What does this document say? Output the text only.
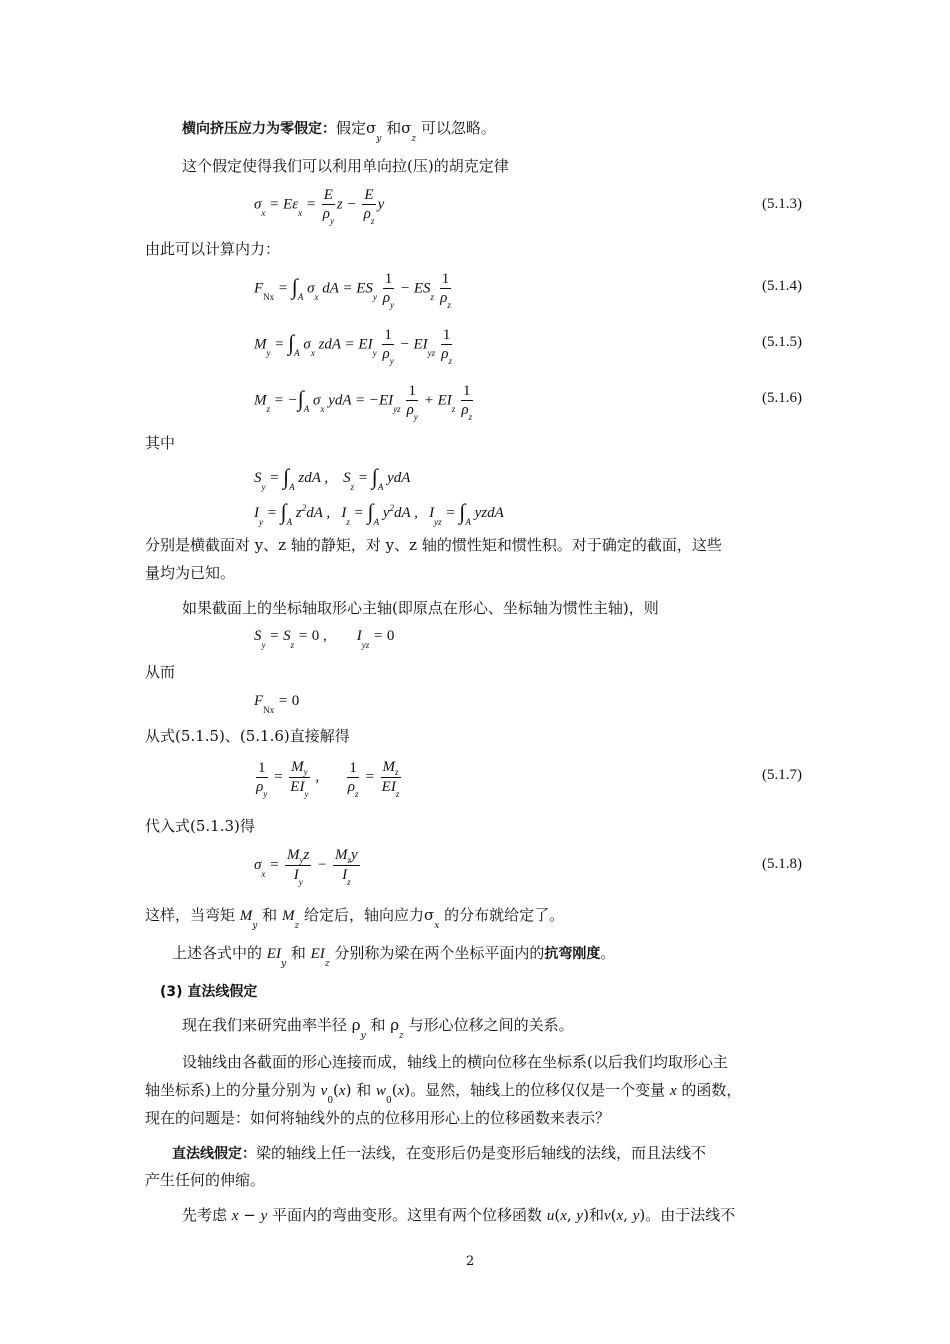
横向挤压应力为零假定：假定$\sigma_y$ 和$\sigma_z$ 可以忽略。
这个假定使得我们可以利用单向拉(压)的胡克定律
$\sigma_x = E\varepsilon_x = \frac{E}{\rho_y}$ $z - \frac{E}{\rho_z}$ y	(5.1.3)
由此可以计算内力：
$F_{Nx} = \int_A$ $\sigma_x$ dA = $ES_y \frac{1}{\rho_y} - ES_z \frac{1}{\rho_z}$	(5.1.4)
$M_y = \int_A$ $\sigma_x$ zdA = $EI_y \frac{1}{\rho_y} - EI_{yz} \frac{1}{\rho_z}$	(5.1.5)
$M_z = -\int_A$ $\sigma_x$ ydA = $-EI_{yz} \frac{1}{\rho_y} + EI_z \frac{1}{\rho_z}$	(5.1.6)
其中
$S_y = \int_A$ zdA ,    $S_z = \int_A$ ydA
$I_y = \int_A$ $z^2dA$ ,   $I_z = \int_A$ $y^2dA$ ,   $I_{yz} = \int_A$ yzdA
分别是横截面对 y、z 轴的静矩，对 y、z 轴的惯性矩和惯性积。对于确定的截面，这些
量均为已知。
如果截面上的坐标轴取形心主轴(即原点在形心、坐标轴为惯性主轴)，则
$S_y = S_z = 0$ ,        $I_{yz} = 0$
从而
$F_{Nx} = 0$
从式(5.1.5)、(5.1.6)直接解得
$\frac{1}{\rho_y} = \frac{M_y}{EI_y}$ , $\frac{1}{\rho_z} = \frac{M_z}{EI_z}$	(5.1.7)
代入式(5.1.3)得
$\sigma_x = \frac{M_yz}{I_y} - \frac{M_zy}{I_z}$	(5.1.8)
这样，当弯矩 $M_y$ 和 $M_z$ 给定后，轴向应力$\sigma_x$ 的分布就给定了。
上述各式中的 $EI_y$ 和 $EI_z$ 分别称为梁在两个坐标平面内的抗弯刚度。
(3) 直法线假定
现在我们来研究曲率半径 $\rho_y$ 和 $\rho_z$ 与形心位移之间的关系。
设轴线由各截面的形心连接而成，轴线上的横向位移在坐标系(以后我们均取形心主
轴坐标系)上的分量分别为 $v_0(x)$ 和 $w_0(x)$。显然，轴线上的位移仅仅是一个变量 x 的函数，
现在的问题是：如何将轴线外的点的位移用形心上的位移函数来表示？
直法线假定：梁的轴线上任一法线，在变形后仍是变形后轴线的法线，而且法线不
产生任何的伸缩。
先考虑 x − y 平面内的弯曲变形。这里有两个位移函数 u(x, y)和v(x, y)。由于法线不
2
